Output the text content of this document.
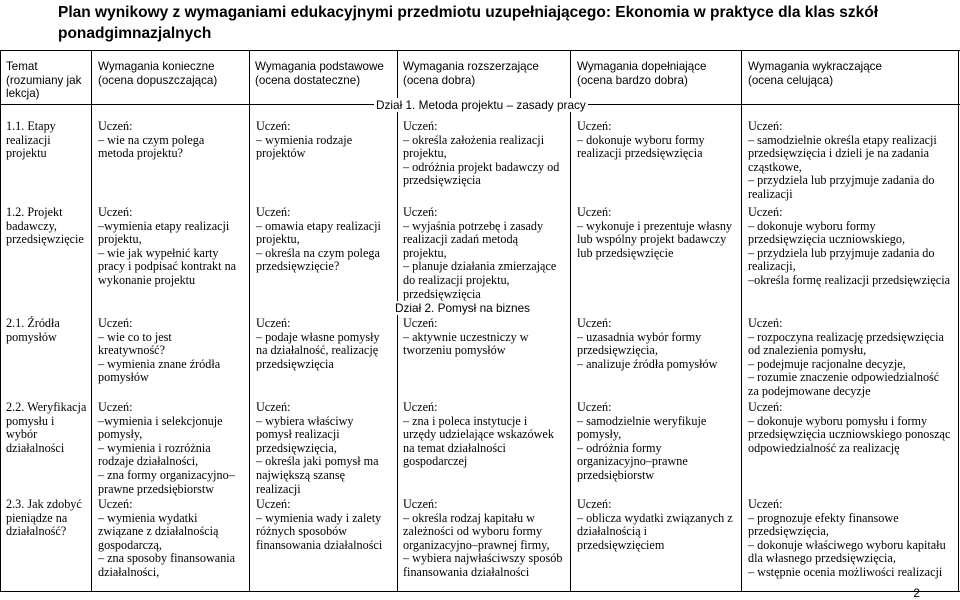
Plan wynikowy z wymaganiami edukacyjnymi przedmiotu uzupełniającego: Ekonomia w praktyce dla klas szkół ponadgimnazjalnych
Dział 1. Metoda projektu – zasady pracy
Dział 2. Pomysł na biznes
Temat
(rozumiany jak
lekcja)
Wymagania konieczne
(ocena dopuszczająca)
Wymagania podstawowe
(ocena dostateczne)
Wymagania rozszerzające
(ocena dobra)
Wymagania dopełniające
(ocena bardzo dobra)
Wymagania wykraczające
(ocena celująca)
1.1. Etapy
realizacji
projektu
1.2. Projekt
badawczy,
przedsięwzięcie
2.1. Źródła
pomysłów
2.2. Weryfikacja
pomysłu i
wybór
działalności
2.3. Jak zdobyć
pieniądze na
działalność?
Uczeń:
– wie na czym polega
metoda projektu?
Uczeń:
–wymienia etapy realizacji
projektu,
– wie jak wypełnić karty
pracy i podpisać kontrakt na
wykonanie projektu
Uczeń:
– wie co to jest
kreatywność?
– wymienia znane źródła
pomysłów
Uczeń:
–wymienia i selekcjonuje
pomysły,
– wymienia i rozróżnia
rodzaje działalności,
– zna formy organizacyjno–
prawne przedsiębiorstw
Uczeń:
– wymienia wydatki
związane z działalnością
gospodarczą,
– zna sposoby finansowania
działalności,
Uczeń:
– wymienia rodzaje
projektów
Uczeń:
– omawia etapy realizacji
projektu,
– określa na czym polega
przedsięwzięcie?
Uczeń:
– podaje własne pomysły
na działalność, realizację
przedsięwzięcia
Uczeń:
– wybiera właściwy
pomysł realizacji
przedsięwzięcia,
– określa jaki pomysł ma
największą szansę
realizacji
Uczeń:
– wymienia wady i zalety
różnych sposobów
finansowania działalności
Uczeń:
– określa założenia realizacji
projektu,
– odróżnia projekt badawczy od
przedsięwzięcia
Uczeń:
– wyjaśnia potrzebę i zasady
realizacji zadań metodą
projektu,
– planuje działania zmierzające
do realizacji projektu,
przedsięwzięcia
Uczeń:
– aktywnie uczestniczy w
tworzeniu pomysłów
Uczeń:
– zna i poleca instytucje i
urzędy udzielające wskazówek
na temat działalności
gospodarczej
Uczeń:
– określa rodzaj kapitału w
zależności od wyboru formy
organizacyjno–prawnej firmy,
– wybiera najwłaściwszy sposób
finansowania działalności
Uczeń:
– dokonuje wyboru formy
realizacji przedsięwzięcia
Uczeń:
– wykonuje i prezentuje własny
lub wspólny projekt badawczy
lub przedsięwzięcie
Uczeń:
– uzasadnia wybór formy
przedsięwzięcia,
– analizuje źródła pomysłów
Uczeń:
– samodzielnie weryfikuje
pomysły,
– odróżnia formy
organizacyjno–prawne
przedsiębiorstw
Uczeń:
– oblicza wydatki związanych z
działalnością i
przedsięwzięciem
Uczeń:
– samodzielnie określa etapy realizacji
przedsięwzięcia i dzieli je na zadania
cząstkowe,
– przydziela lub przyjmuje zadania do
realizacji
Uczeń:
– dokonuje wyboru formy
przedsięwzięcia uczniowskiego,
– przydziela lub przyjmuje zadania do
realizacji,
–określa formę realizacji przedsięwzięcia
Uczeń:
– rozpoczyna realizację przedsięwzięcia
od znalezienia pomysłu,
– podejmuje racjonalne decyzje,
– rozumie znaczenie odpowiedzialność
za podejmowane decyzje
Uczeń:
– dokonuje wyboru pomysłu i formy
przedsięwzięcia uczniowskiego ponosząc
odpowiedzialność za realizację
Uczeń:
– prognozuje efekty finansowe
przedsięwzięcia,
– dokonuje właściwego wyboru kapitału
dla własnego przedsięwzięcia,
– wstępnie ocenia możliwości realizacji
2
